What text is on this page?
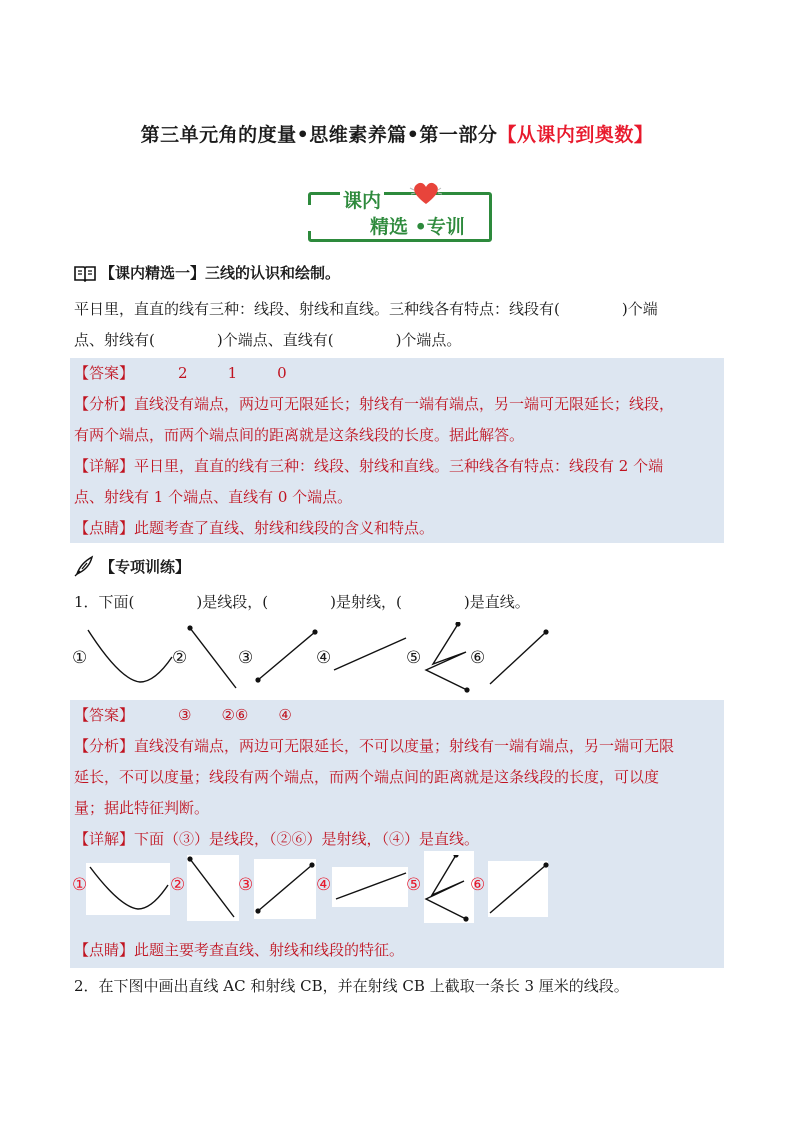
第三单元角的度量•思维素养篇•第一部分【从课内到奥数】
课内
精选 •专训
【课内精选一】三线的认识和绘制。
平日里，直直的线有三种：线段、射线和直线。三种线各有特点：线段有(	)个端
点、射线有(	)个端点、直线有(	)个端点。
【答案】	2	1	0
【分析】直线没有端点，两边可无限延长；射线有一端有端点，另一端可无限延长；线段，
有两个端点，而两个端点间的距离就是这条线段的长度。据此解答。
【详解】平日里，直直的线有三种：线段、射线和直线。三种线各有特点：线段有 2 个端
点、射线有 1 个端点、直线有 0 个端点。
【点睛】此题考查了直线、射线和线段的含义和特点。
【专项训练】
1．下面(	)是线段，(	)是射线，(	)是直线。
①	②	③	④	⑤	⑥
【答案】	③ ②⑥ ④
【分析】直线没有端点，两边可无限延长，不可以度量；射线有一端有端点，另一端可无限
延长，不可以度量；线段有两个端点，而两个端点间的距离就是这条线段的长度，可以度
量；据此特征判断。
【详解】下面（③）是线段，（②⑥）是射线，（④）是直线。
①	②	③	④	⑤	⑥
【点睛】此题主要考查直线、射线和线段的特征。
2．在下图中画出直线 AC 和射线 CB，并在射线 CB 上截取一条长 3 厘米的线段。
